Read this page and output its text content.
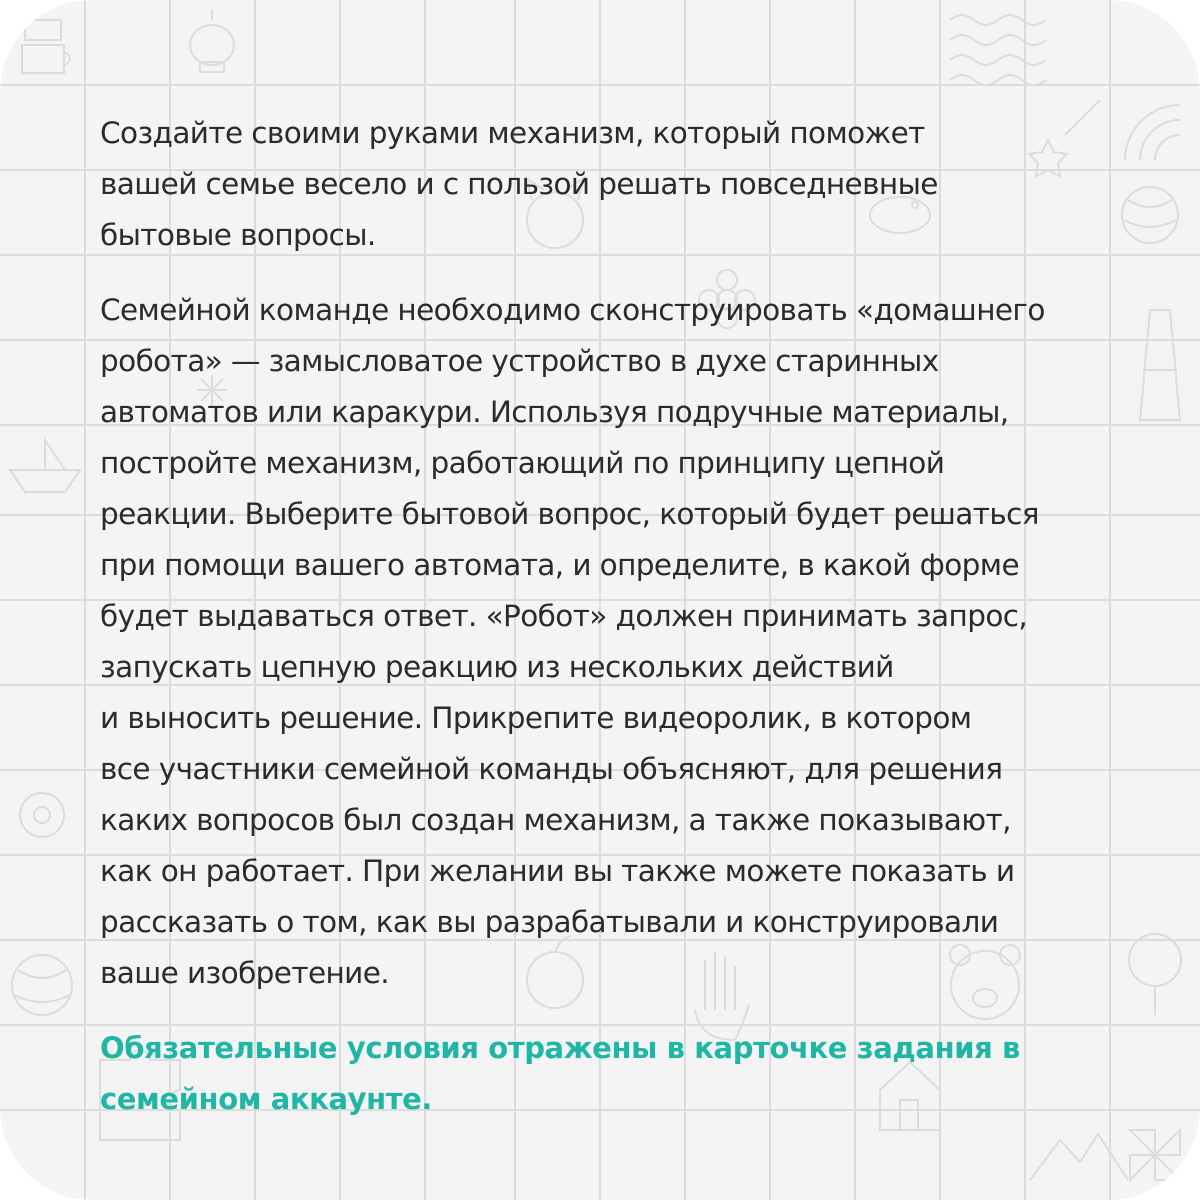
Создайте своими руками механизм, который поможет
вашей семье весело и с пользой решать повседневные
бытовые вопросы.

Семейной команде необходимо сконструировать «домашнего
робота» — замысловатое устройство в духе старинных
автоматов или каракури. Используя подручные материалы,
постройте механизм, работающий по принципу цепной
реакции. Выберите бытовой вопрос, который будет решаться
при помощи вашего автомата, и определите, в какой форме
будет выдаваться ответ. «Робот» должен принимать запрос,
запускать цепную реакцию из нескольких действий
и выносить решение. Прикрепите видеоролик, в котором
все участники семейной команды объясняют, для решения
каких вопросов был создан механизм, а также показывают,
как он работает. При желании вы также можете показать и
рассказать о том, как вы разрабатывали и конструировали
ваше изобретение.

Обязательные условия отражены в карточке задания в
семейном аккаунте.
